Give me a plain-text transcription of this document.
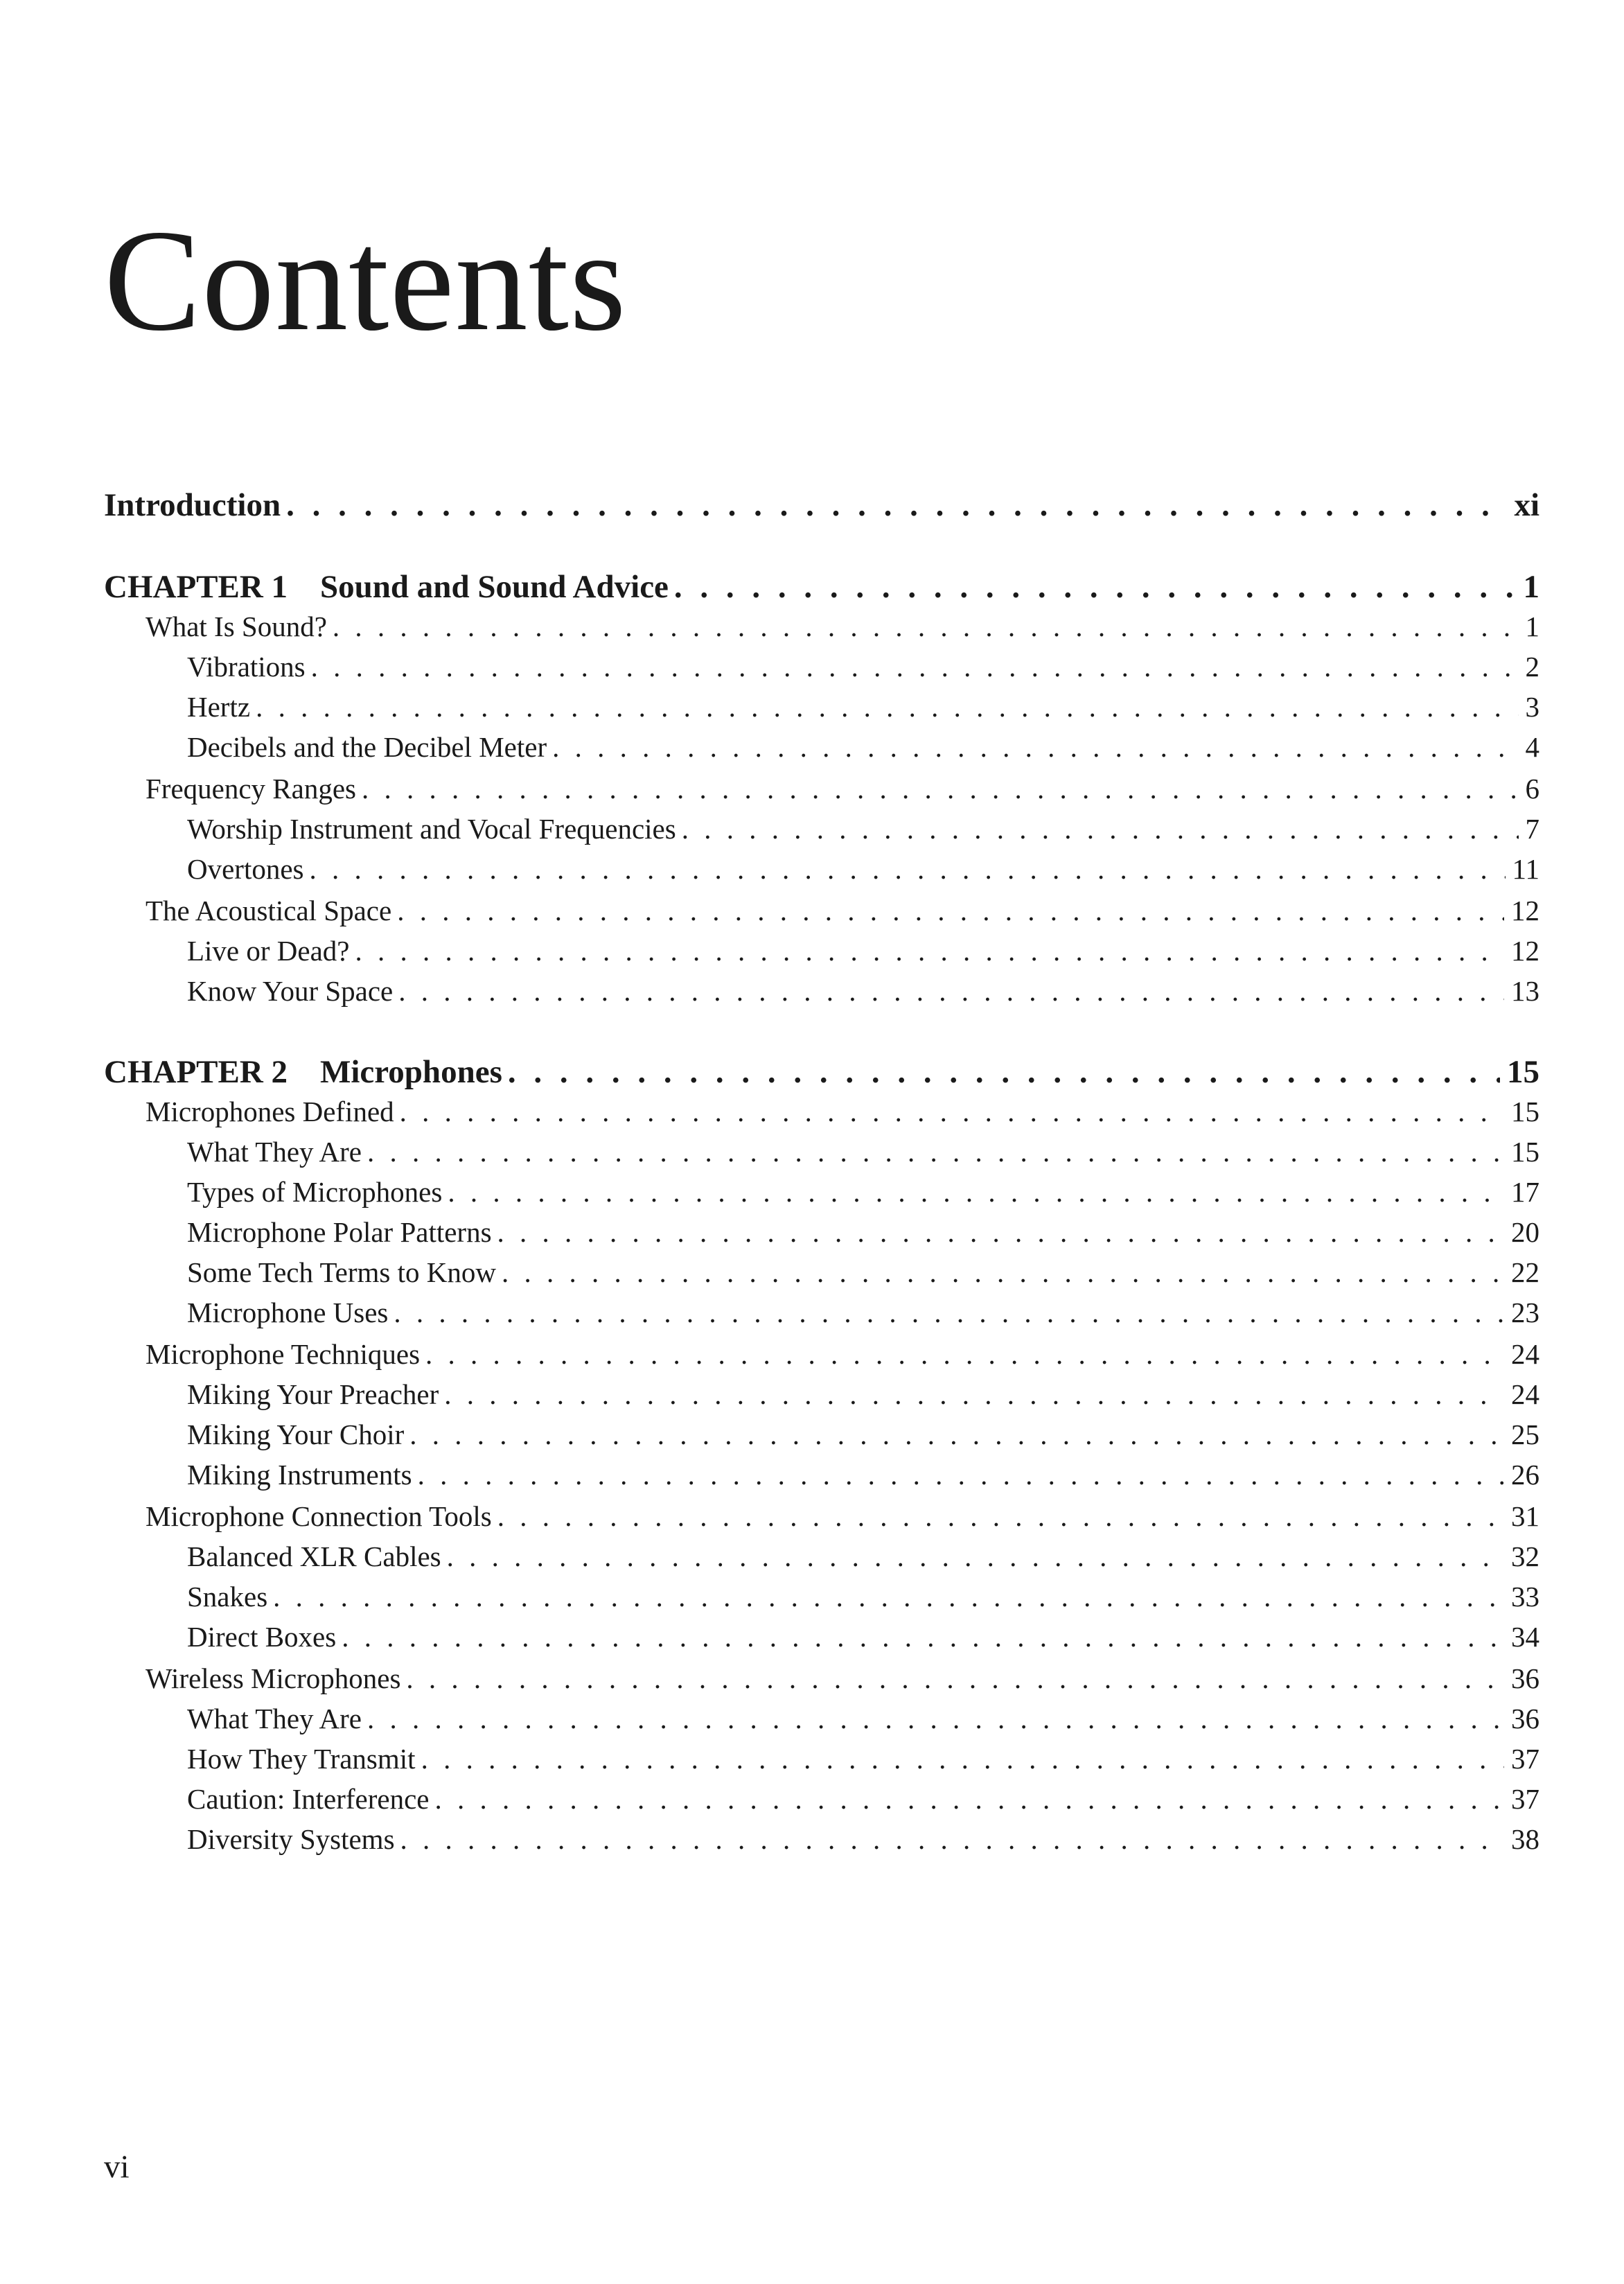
Contents
Introduction . . .	xi
CHAPTER 1 Sound and Sound Advice . . .	1
What Is Sound? . . .	1
Vibrations . . .	2
Hertz . . .	3
Decibels and the Decibel Meter . . .	4
Frequency Ranges . . .	6
Worship Instrument and Vocal Frequencies . . .	7
Overtones . . .	11
The Acoustical Space . . .	12
Live or Dead? . . .	12
Know Your Space . . .	13
CHAPTER 2 Microphones . . .	15
Microphones Defined . . .	15
What They Are . . .	15
Types of Microphones . . .	17
Microphone Polar Patterns . . .	20
Some Tech Terms to Know . . .	22
Microphone Uses . . .	23
Microphone Techniques . . .	24
Miking Your Preacher . . .	24
Miking Your Choir . . .	25
Miking Instruments . . .	26
Microphone Connection Tools . . .	31
Balanced XLR Cables . . .	32
Snakes . . .	33
Direct Boxes . . .	34
Wireless Microphones . . .	36
What They Are . . .	36
How They Transmit . . .	37
Caution: Interference . . .	37
Diversity Systems . . .	38

vi
